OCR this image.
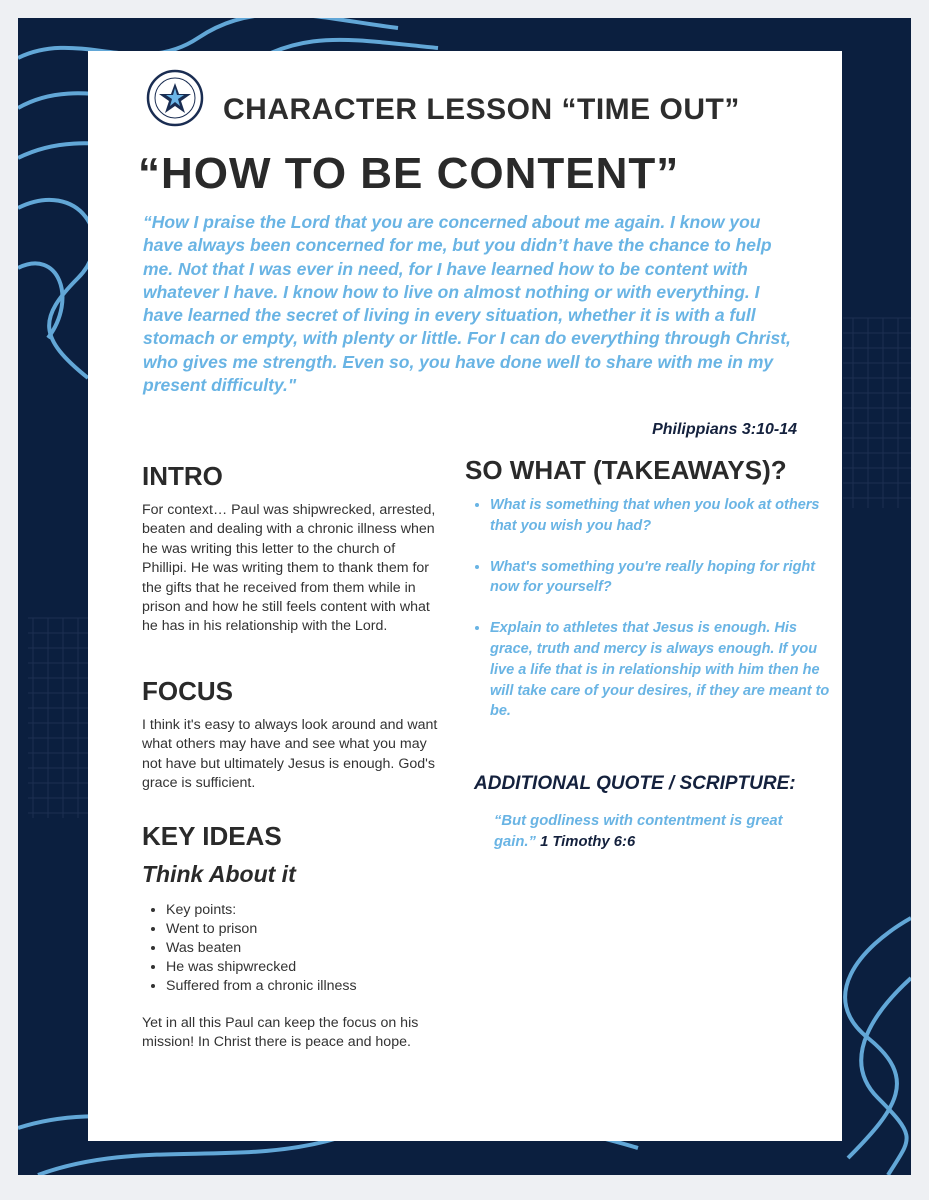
CHARACTER LESSON “TIME OUT”
“HOW TO BE CONTENT”
“How I praise the Lord that you are concerned about me again. I know you have always been concerned for me, but you didn’t have the chance to help me. Not that I was ever in need, for I have learned how to be content with whatever I have. I know how to live on almost nothing or with everything. I have learned the secret of living in every situation, whether it is with a full stomach or empty, with plenty or little. For I can do everything through Christ, who gives me strength. Even so, you have done well to share with me in my present difficulty."
Philippians 3:10-14
INTRO
For context… Paul was shipwrecked, arrested, beaten and dealing with a chronic illness when he was writing this letter to the church of Phillipi. He was writing them to thank them for the gifts that he received from them while in prison and how he still feels content with what he has in his relationship with the Lord.
FOCUS
I think it's easy to always look around and want what others may have and see what you may not have but ultimately Jesus is enough. God's grace is sufficient.
KEY IDEAS
Think About it
• Key points:
• Went to prison
• Was beaten
• He was shipwrecked
• Suffered from a chronic illness
Yet in all this Paul can keep the focus on his mission! In Christ there is peace and hope.
SO WHAT (TAKEAWAYS)?
• What is something that when you look at others that you wish you had?
• What's something you're really hoping for right now for yourself?
• Explain to athletes that Jesus is enough. His grace, truth and mercy is always enough. If you live a life that is in relationship with him then he will take care of your desires, if they are meant to be.
ADDITIONAL QUOTE / SCRIPTURE:
“But godliness with contentment is great gain.” 1 Timothy 6:6
